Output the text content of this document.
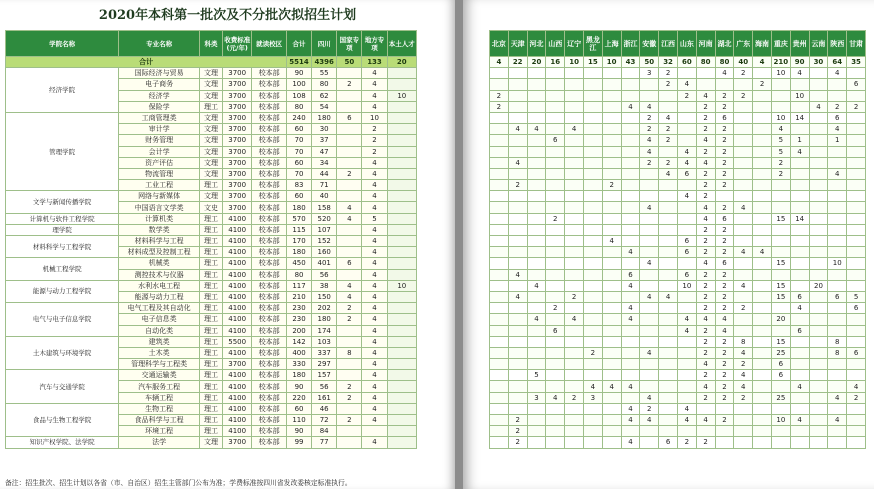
2020年本科第一批次及不分批次拟招生计划
学院名称	专业名称	科类	收费标准(元/年)	就读校区	合计	四川	国家专项	地方专项	本土人才
合计					5514	4396	50	133	20
经济学院	国际经济与贸易	文理	3700	校本部	90	55		4	
	电子商务	文理	3700	校本部	100	80	2	4	
	经济学	文理	3700	校本部	108	62		4	10
	保险学	理工	3700	校本部	80	54		4	
管理学院	工商管理类	文理	3700	校本部	240	180	6	10	
	审计学	文理	3700	校本部	60	30		2	
	财务管理	文理	3700	校本部	70	37		2	
	会计学	文理	3700	校本部	70	47		2	
	资产评估	文理	3700	校本部	60	34		4	
	物流管理	文理	3700	校本部	70	44	2	4	
	工业工程	理工	3700	校本部	83	71		4	
文学与新闻传播学院	网络与新媒体	文理	3700	校本部	60	40		4	
	中国语言文学类	文史	3700	校本部	180	158	4	4	
计算机与软件工程学院	计算机类	理工	4100	校本部	570	520	4	5	
理学院	数学类	理工	4100	校本部	115	107		4	
材料科学与工程学院	材料科学与工程	理工	4100	校本部	170	152		4	
	材料成型及控制工程	理工	4100	校本部	180	160		4	
机械工程学院	机械类	理工	4100	校本部	450	401	6	4	
	测控技术与仪器	理工	4100	校本部	80	56		4	
能源与动力工程学院	水利水电工程	理工	4100	校本部	117	38	4	4	10
	能源与动力工程	理工	4100	校本部	210	150	4	4	
电气与电子信息学院	电气工程及其自动化	理工	4100	校本部	230	202	2	4	
	电子信息类	理工	4100	校本部	230	180	2	4	
	自动化类	理工	4100	校本部	200	174		4	
土木建筑与环境学院	建筑类	理工	5500	校本部	142	103		4	
	土木类	理工	4100	校本部	400	337	8	4	
	管理科学与工程类	理工	3700	校本部	330	297		4	
汽车与交通学院	交通运输类	理工	4100	校本部	180	157		4	
	汽车服务工程	理工	4100	校本部	90	56	2	4	
	车辆工程	理工	4100	校本部	220	161	2	4	
食品与生物工程学院	生物工程	理工	4100	校本部	60	46		4	
	食品科学与工程	理工	4100	校本部	110	72	2	4	
	环境工程	理工	4100	校本部	90	84			
知识产权学院、法学院	法学	文理	3700	校本部	99	77		4	

备注：招生批次、招生计划以各省（市、自治区）招生主管部门公布为准；学费标准按四川省发改委核定标准执行。

北京	天津	河北	山西	辽宁	黑龙江	上海	浙江	安徽	江西	山东	河南	湖北	广东	海南	重庆	贵州	云南	陕西	甘肃
4	22	20	16	10	15	10	43	50	32	60	80	80	40	4	210	90	30	64	35
								3	2			4	2		10	4		4	
									2	4				2					6
2										2	4	2	2			10			
2							4	4			2	2					4	2	2
								2	4		2	6			10	14		6	
	4	4		4				2	2		2	2			4			4	
			6					4	2		4	2			5	1		1	
								4		4	2	2			5	4			
	4							2	2	4	4	2			2				
									4	6	2	2			2			4	
	2					2					2	2							
										4	2								
								4			4	2	4						
			2								4	6			15	14			
											2	2							
						4				6	2	2							
							4			6	2	2	4	4					
								4			4	6			15			10	
	4						6			6	2	2							
		4					4			10	2	2	4		15		20		
	4			2				4	4		2	2			15	6		6	5
			2				4				2	2	2			4			6
		4		4			4			4	4	4			20				
			6							4	2	4				6			
											2	2	8		15			8	
					2			4			2	2	4		25			8	6
											4	2	2		6				
		5									2	2	4		6				
					4	4	4				4	2	4			4			4
		3	4	2	3			4			2	2	2		25			4	2
							4	2		4									
	2						4	4		4	4	2			10	4		4	
	2																		
	2						4		6	2	2								
